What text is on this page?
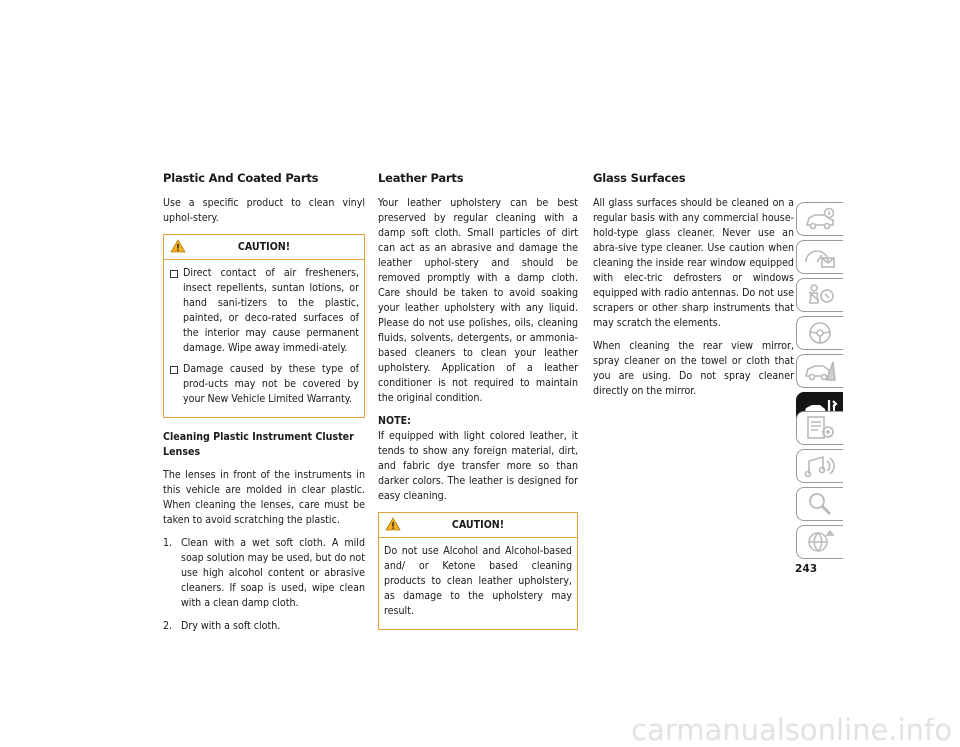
Plastic And Coated Parts

Use a specific product to clean vinyl uphol-stery.

CAUTION!
Direct contact of air fresheners, insect repellents, suntan lotions, or hand sani-tizers to the plastic, painted, or deco-rated surfaces of the interior may cause permanent damage. Wipe away immedi-ately.
Damage caused by these type of prod-ucts may not be covered by your New Vehicle Limited Warranty.
Cleaning Plastic Instrument Cluster Lenses

The lenses in front of the instruments in this vehicle are molded in clear plastic. When cleaning the lenses, care must be taken to avoid scratching the plastic.

1. Clean with a wet soft cloth. A mild soap solution may be used, but do not use high alcohol content or abrasive cleaners. If soap is used, wipe clean with a clean damp cloth.
2. Dry with a soft cloth.
Leather Parts

Your leather upholstery can be best preserved by regular cleaning with a damp soft cloth. Small particles of dirt can act as an abrasive and damage the leather uphol-stery and should be removed promptly with a damp cloth. Care should be taken to avoid soaking your leather upholstery with any liquid. Please do not use polishes, oils, cleaning fluids, solvents, detergents, or ammonia-based cleaners to clean your leather upholstery. Application of a leather conditioner is not required to maintain the original condition.

NOTE:

If equipped with light colored leather, it tends to show any foreign material, dirt, and fabric dye transfer more so than darker colors. The leather is designed for easy cleaning.

CAUTION!

Do not use Alcohol and Alcohol-based and/ or Ketone based cleaning products to clean leather upholstery, as damage to the upholstery may result.

Glass Surfaces

All glass surfaces should be cleaned on a regular basis with any commercial house-hold-type glass cleaner. Never use an abra-sive type cleaner. Use caution when cleaning the inside rear window equipped with elec-tric defrosters or windows equipped with radio antennas. Do not use scrapers or other sharp instruments that may scratch the elements.

When cleaning the rear view mirror, spray cleaner on the towel or cloth that you are using. Do not spray cleaner directly on the mirror.

243
carmanualsonline.info
